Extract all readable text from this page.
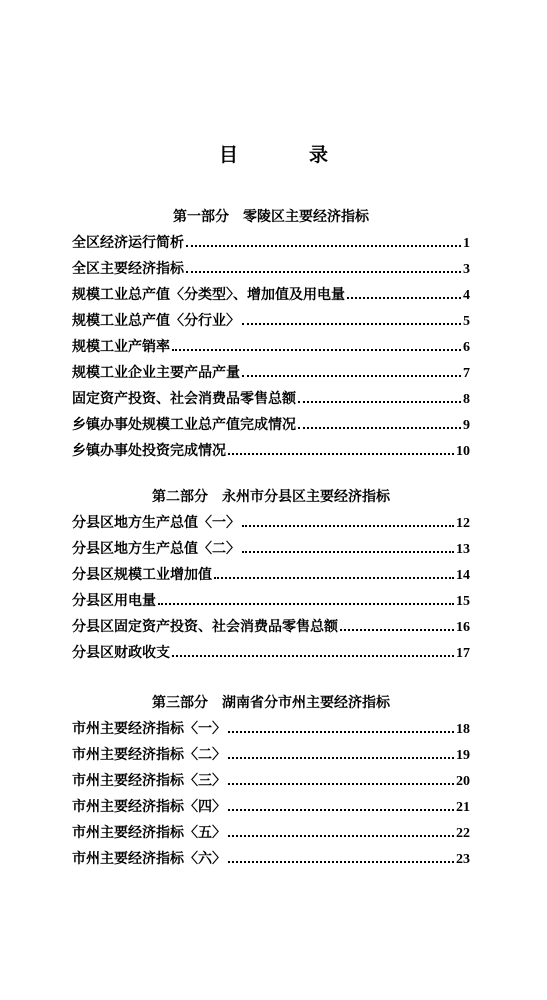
目　录
第一部分　零陵区主要经济指标
全区经济运行简析	1
全区主要经济指标	3
规模工业总产值〈分类型〉、增加值及用电量	4
规模工业总产值〈分行业〉	5
规模工业产销率	6
规模工业企业主要产品产量	7
固定资产投资、社会消费品零售总额	8
乡镇办事处规模工业总产值完成情况	9
乡镇办事处投资完成情况	10
第二部分　永州市分县区主要经济指标
分县区地方生产总值〈一〉	12
分县区地方生产总值〈二〉	13
分县区规模工业增加值	14
分县区用电量	15
分县区固定资产投资、社会消费品零售总额	16
分县区财政收支	17
第三部分　湖南省分市州主要经济指标
市州主要经济指标〈一〉	18
市州主要经济指标〈二〉	19
市州主要经济指标〈三〉	20
市州主要经济指标〈四〉	21
市州主要经济指标〈五〉	22
市州主要经济指标〈六〉	23
